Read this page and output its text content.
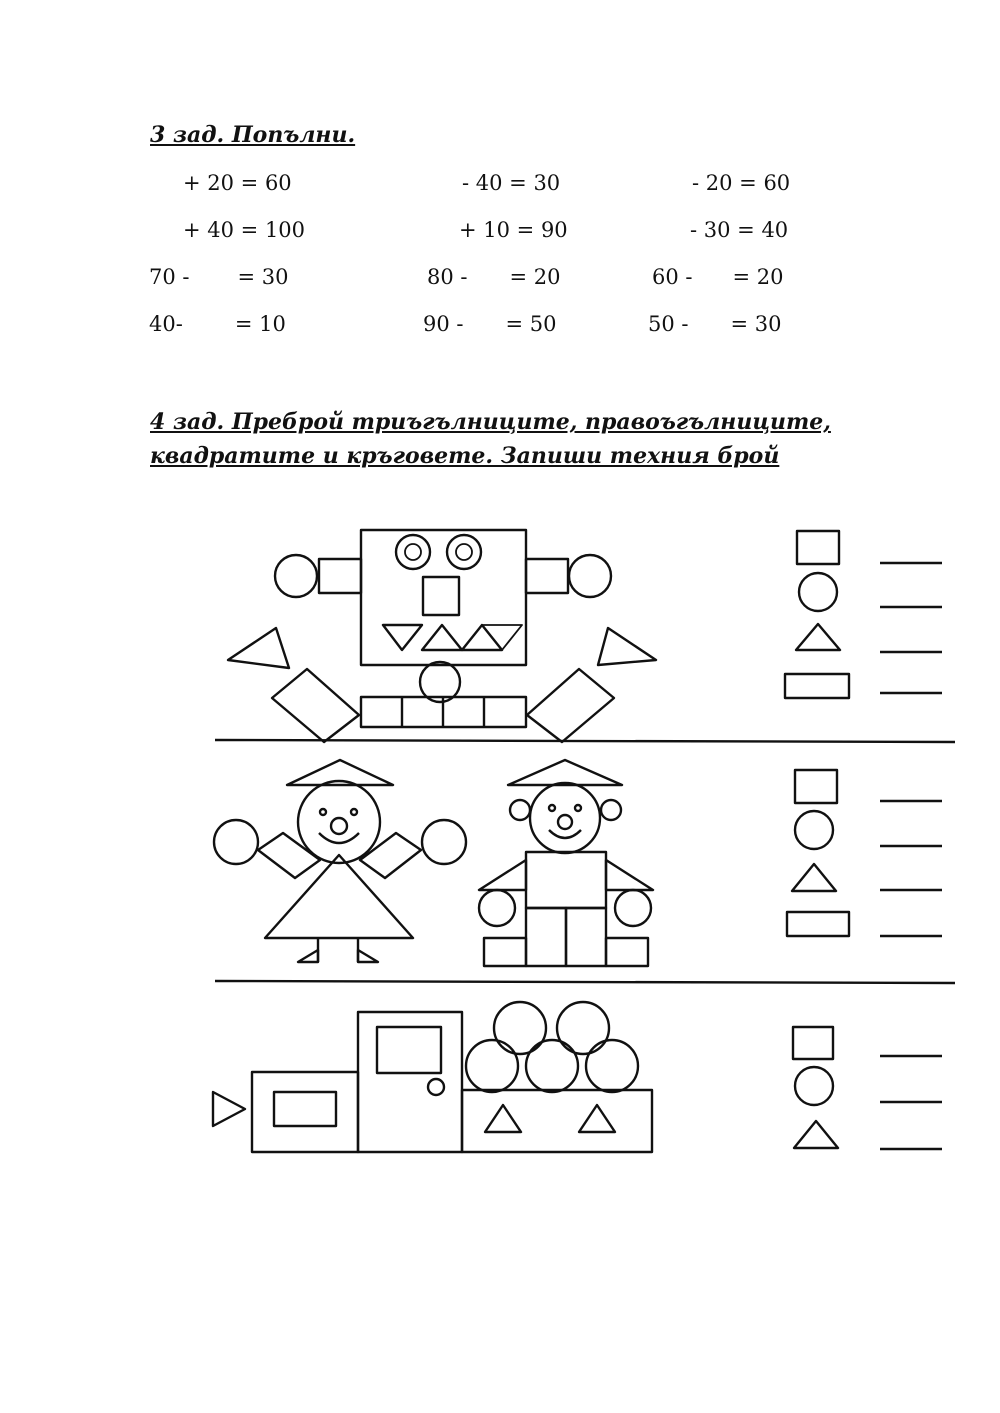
3 зад. Попълни.
+ 20 = 60	- 40 = 30	- 20 = 60
+ 40 = 100	+ 10 = 90	- 30 = 40
70 - = 30	80 - = 20	60 - = 20
40- = 10	90 - = 50	50 - = 30
4 зад. Преброй триъгълниците, правоъгълниците, квадратите и кръговете. Запиши техния брой
